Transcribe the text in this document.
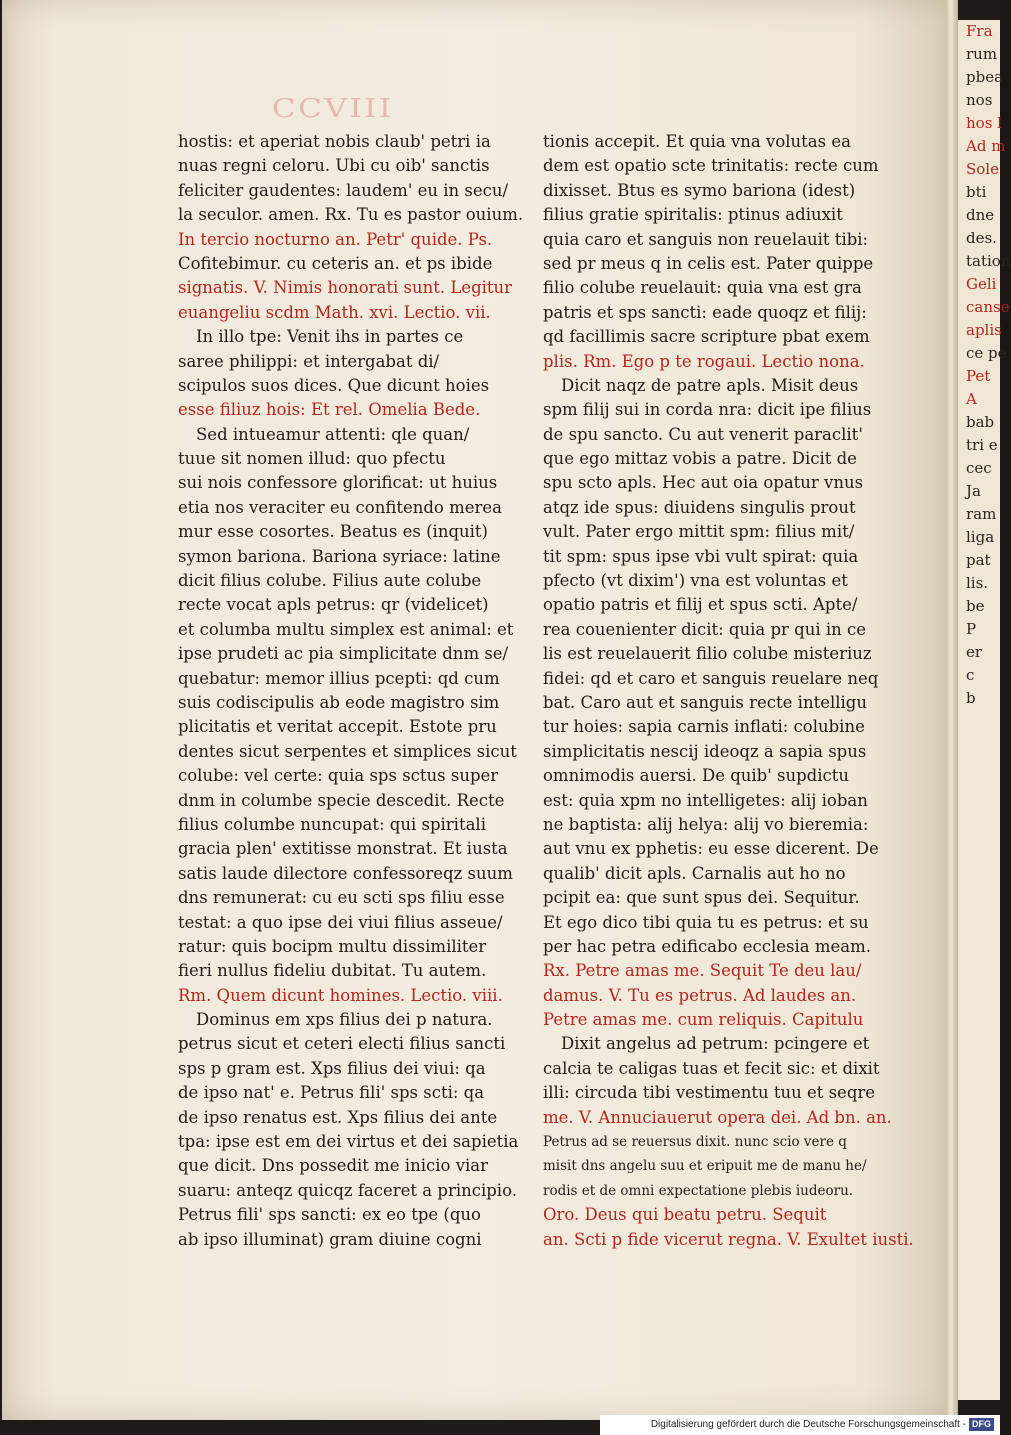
Fra
rum
pbea
nos
hos l
Ad m
Sole
bti
dne
des.
tation
Geli
canse
aplis
ce pe
Pet
A
bab
tri e
cec
Ja
ram
liga
pat
lis.
be
P
er
c
b
CCVIII
hostis: et aperiat nobis claub' petri ia
nuas regni celoru. Ubi cu oib' sanctis
feliciter gaudentes: laudem' eu in secu/
la seculor. amen. Rx. Tu es pastor ouium.
In tercio nocturno an. Petr' quide. Ps.
Cofitebimur. cu ceteris an. et ps ibide
signatis. V. Nimis honorati sunt. Legitur
euangeliu scdm Math. xvi. Lectio. vii.
In illo tpe: Venit ihs in partes ce
saree philippi: et intergabat di/
scipulos suos dices. Que dicunt hoies
esse filiuz hois: Et rel. Omelia Bede.
Sed intueamur attenti: qle quan/
tuue sit nomen illud: quo pfectu
sui nois confessore glorificat: ut huius
etia nos veraciter eu confitendo merea
mur esse cosortes. Beatus es (inquit)
symon bariona. Bariona syriace: latine
dicit filius colube. Filius aute colube
recte vocat apls petrus: qr (videlicet)
et columba multu simplex est animal: et
ipse prudeti ac pia simplicitate dnm se/
quebatur: memor illius pcepti: qd cum
suis codiscipulis ab eode magistro sim
plicitatis et veritat accepit. Estote pru
dentes sicut serpentes et simplices sicut
colube: vel certe: quia sps sctus super
dnm in columbe specie descedit. Recte
filius columbe nuncupat: qui spiritali
gracia plen' extitisse monstrat. Et iusta
satis laude dilectore confessoreqz suum
dns remunerat: cu eu scti sps filiu esse
testat: a quo ipse dei viui filius asseue/
ratur: quis bocipm multu dissimiliter
fieri nullus fideliu dubitat. Tu autem.
Rm. Quem dicunt homines. Lectio. viii.
Dominus em xps filius dei p natura.
petrus sicut et ceteri electi filius sancti
sps p gram est. Xps filius dei viui: qa
de ipso nat' e. Petrus fili' sps scti: qa
de ipso renatus est. Xps filius dei ante
tpa: ipse est em dei virtus et dei sapietia
que dicit. Dns possedit me inicio viar
suaru: anteqz quicqz faceret a principio.
Petrus fili' sps sancti: ex eo tpe (quo
ab ipso illuminat) gram diuine cogni
tionis accepit. Et quia vna volutas ea
dem est opatio scte trinitatis: recte cum
dixisset. Btus es symo bariona (idest)
filius gratie spiritalis: ptinus adiuxit
quia caro et sanguis non reuelauit tibi:
sed pr meus q in celis est. Pater quippe
filio colube reuelauit: quia vna est gra
patris et sps sancti: eade quoqz et filij:
qd facillimis sacre scripture pbat exem
plis. Rm. Ego p te rogaui. Lectio nona.
Dicit naqz de patre apls. Misit deus
spm filij sui in corda nra: dicit ipe filius
de spu sancto. Cu aut venerit paraclit'
que ego mittaz vobis a patre. Dicit de
spu scto apls. Hec aut oia opatur vnus
atqz ide spus: diuidens singulis prout
vult. Pater ergo mittit spm: filius mit/
tit spm: spus ipse vbi vult spirat: quia
pfecto (vt dixim') vna est voluntas et
opatio patris et filij et spus scti. Apte/
rea couenienter dicit: quia pr qui in ce
lis est reuelauerit filio colube misteriuz
fidei: qd et caro et sanguis reuelare neq
bat. Caro aut et sanguis recte intelligu
tur hoies: sapia carnis inflati: colubine
simplicitatis nescij ideoqz a sapia spus
omnimodis auersi. De quib' supdictu
est: quia xpm no intelligetes: alij ioban
ne baptista: alij helya: alij vo bieremia:
aut vnu ex pphetis: eu esse dicerent. De
qualib' dicit apls. Carnalis aut ho no
pcipit ea: que sunt spus dei. Sequitur.
Et ego dico tibi quia tu es petrus: et su
per hac petra edificabo ecclesia meam.
Rx. Petre amas me. Sequit Te deu lau/
damus. V. Tu es petrus. Ad laudes an.
Petre amas me. cum reliquis. Capitulu
Dixit angelus ad petrum: pcingere et
calcia te caligas tuas et fecit sic: et dixit
illi: circuda tibi vestimentu tuu et seqre
me. V. Annuciauerut opera dei. Ad bn. an.
Petrus ad se reuersus dixit. nunc scio vere q
misit dns angelu suu et eripuit me de manu he/
rodis et de omni expectatione plebis iudeoru.
Oro. Deus qui beatu petru. Sequit
an. Scti p fide vicerut regna. V. Exultet iusti.
Digitalisierung gefördert durch die Deutsche Forschungsgemeinschaft - DFG
